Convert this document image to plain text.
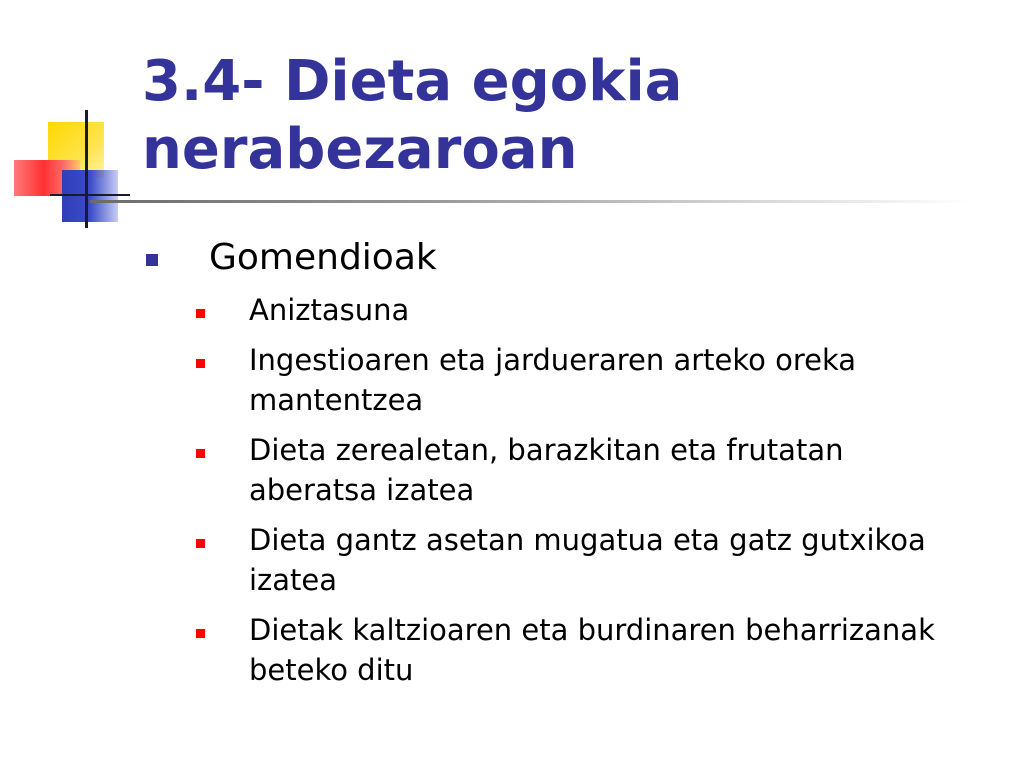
3.4- Dieta egokia nerabezaroan
Gomendioak
Aniztasuna
Ingestioaren eta jardueraren arteko oreka mantentzea
Dieta zerealetan, barazkitan eta frutatan aberatsa izatea
Dieta gantz asetan mugatua eta gatz gutxikoa izatea
Dietak kaltzioaren eta burdinaren beharrizanak beteko ditu
